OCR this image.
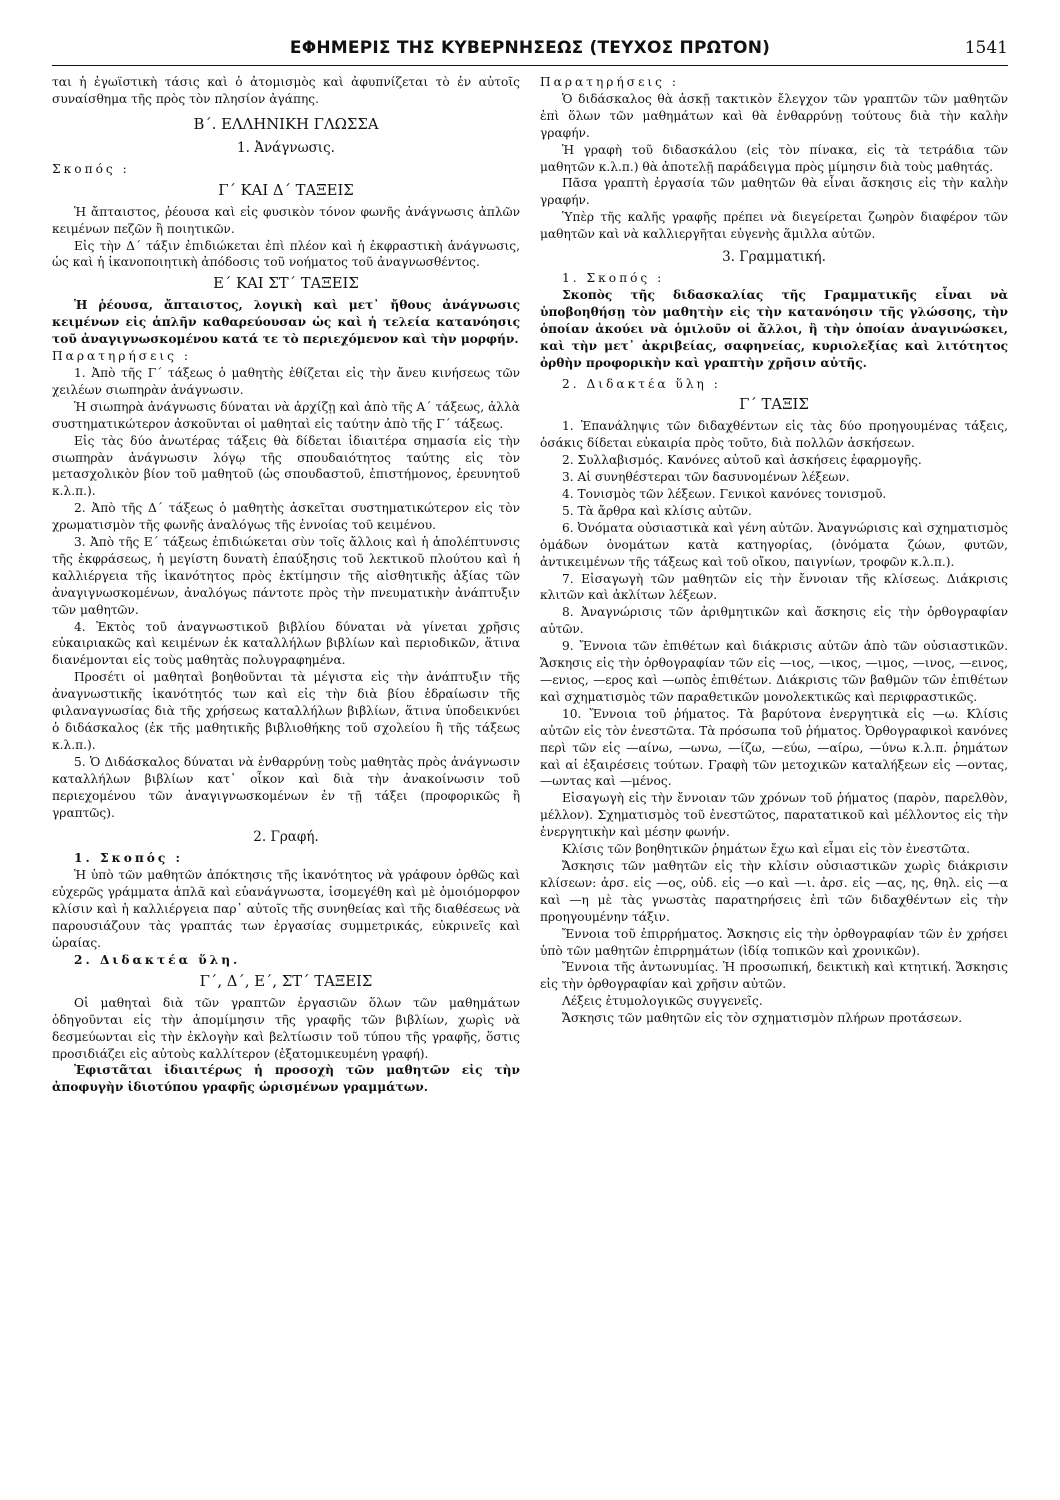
ΕΦΗΜΕΡΙΣ ΤΗΣ ΚΥΒΕΡΝΗΣΕΩΣ (ΤΕΥΧΟΣ ΠΡΩΤΟΝ)	1541

ται ἡ ἐγωϊστικὴ τάσις καὶ ὁ ἀτομισμὸς καὶ ἀφυπνίζεται τὸ ἐν αὐτοῖς συναίσθημα τῆς πρὸς τὸν πλησίον ἀγάπης.

Β΄. ΕΛΛΗΝΙΚΗ ΓΛΩΣΣΑ
1. Ἀνάγνωσις.

Σκοπός :

Γ΄ ΚΑΙ Δ΄ ΤΑΞΕΙΣ

Ἡ ἄπταιστος, ῥέουσα καὶ εἰς φυσικὸν τόνον φωνῆς ἀνάγνωσις ἁπλῶν κειμένων πεζῶν ἢ ποιητικῶν.

Εἰς τὴν Δ΄ τάξιν ἐπιδιώκεται ἐπὶ πλέον καὶ ἡ ἐκφραστικὴ ἀνάγνωσις, ὡς καὶ ἡ ἱκανοποιητικὴ ἀπόδοσις τοῦ νοήματος τοῦ ἀναγνωσθέντος.

Ε΄ ΚΑΙ ΣΤ΄ ΤΑΞΕΙΣ

Ἡ ῥέουσα, ἄπταιστος, λογικὴ καὶ μετ᾽ ἤθους ἀνάγνωσις κειμένων εἰς ἁπλῆν καθαρεύουσαν ὡς καὶ ἡ τελεία κατανόησις τοῦ ἀναγιγνωσκομένου κατά τε τὸ περιεχόμενον καὶ τὴν μορφήν.

Παρατηρήσεις :

1. Ἀπὸ τῆς Γ΄ τάξεως ὁ μαθητὴς ἐθίζεται εἰς τὴν ἄνευ κινήσεως τῶν χειλέων σιωπηρὰν ἀνάγνωσιν.

Ἡ σιωπηρὰ ἀνάγνωσις δύναται νὰ ἀρχίζῃ καὶ ἀπὸ τῆς Α΄ τάξεως, ἀλλὰ συστηματικώτερον ἀσκοῦνται οἱ μαθηταὶ εἰς ταύτην ἀπὸ τῆς Γ΄ τάξεως.

Εἰς τὰς δύο ἀνωτέρας τάξεις θὰ δίδεται ἰδιαιτέρα σημασία εἰς τὴν σιωπηρὰν ἀνάγνωσιν λόγῳ τῆς σπουδαιότητος ταύτης εἰς τὸν μετασχολικὸν βίον τοῦ μαθητοῦ (ὡς σπουδαστοῦ, ἐπιστήμονος, ἐρευνητοῦ κ.λ.π.).

2. Ἀπὸ τῆς Δ΄ τάξεως ὁ μαθητὴς ἀσκεῖται συστηματικώτερον εἰς τὸν χρωματισμὸν τῆς φωνῆς ἀναλόγως τῆς ἐννοίας τοῦ κειμένου.

3. Ἀπὸ τῆς Ε΄ τάξεως ἐπιδιώκεται σὺν τοῖς ἄλλοις καὶ ἡ ἀπολέπτυνσις τῆς ἐκφράσεως, ἡ μεγίστη δυνατὴ ἐπαύξησις τοῦ λεκτικοῦ πλούτου καὶ ἡ καλλιέργεια τῆς ἱκανότητος πρὸς ἐκτίμησιν τῆς αἰσθητικῆς ἀξίας τῶν ἀναγιγνωσκομένων, ἀναλόγως πάντοτε πρὸς τὴν πνευματικὴν ἀνάπτυξιν τῶν μαθητῶν.

4. Ἐκτὸς τοῦ ἀναγνωστικοῦ βιβλίου δύναται νὰ γίνεται χρῆσις εὐκαιριακῶς καὶ κειμένων ἐκ καταλλήλων βιβλίων καὶ περιοδικῶν, ἅτινα διανέμονται εἰς τοὺς μαθητὰς πολυγραφημένα.

Προσέτι οἱ μαθηταὶ βοηθοῦνται τὰ μέγιστα εἰς τὴν ἀνάπτυξιν τῆς ἀναγνωστικῆς ἱκανότητός των καὶ εἰς τὴν διὰ βίου ἑδραίωσιν τῆς φιλαναγνωσίας διὰ τῆς χρήσεως καταλλήλων βιβλίων, ἅτινα ὑποδεικνύει ὁ διδάσκαλος (ἐκ τῆς μαθητικῆς βιβλιοθήκης τοῦ σχολείου ἢ τῆς τάξεως κ.λ.π.).

5. Ὁ Διδάσκαλος δύναται νὰ ἐνθαρρύνῃ τοὺς μαθητὰς πρὸς ἀνάγνωσιν καταλλήλων βιβλίων κατ᾽ οἶκον καὶ διὰ τὴν ἀνακοίνωσιν τοῦ περιεχομένου τῶν ἀναγιγνωσκομένων ἐν τῇ τάξει (προφορικῶς ἢ γραπτῶς).

2. Γραφή.

1. Σκοπός :

Ἡ ὑπὸ τῶν μαθητῶν ἀπόκτησις τῆς ἱκανότητος νὰ γράφουν ὀρθῶς καὶ εὐχερῶς γράμματα ἁπλᾶ καὶ εὐανάγνωστα, ἰσομεγέθη καὶ μὲ ὁμοιόμορφον κλίσιν καὶ ἡ καλλιέργεια παρ᾽ αὐτοῖς τῆς συνηθείας καὶ τῆς διαθέσεως νὰ παρουσιάζουν τὰς γραπτάς των ἐργασίας συμμετρικάς, εὐκρινεῖς καὶ ὡραίας.

2. Διδακτέα ὕλη.

Γ΄, Δ΄, Ε΄, ΣΤ΄ ΤΑΞΕΙΣ

Οἱ μαθηταὶ διὰ τῶν γραπτῶν ἐργασιῶν ὅλων τῶν μαθημάτων ὁδηγοῦνται εἰς τὴν ἀπομίμησιν τῆς γραφῆς τῶν βιβλίων, χωρὶς νὰ δεσμεύωνται εἰς τὴν ἐκλογὴν καὶ βελτίωσιν τοῦ τύπου τῆς γραφῆς, ὅστις προσιδιάζει εἰς αὐτοὺς καλλίτερον (ἐξατομικευμένη γραφή).

Ἐφιστᾶται ἰδιαιτέρως ἡ προσοχὴ τῶν μαθητῶν εἰς τὴν ἀποφυγὴν ἰδιοτύπου γραφῆς ὡρισμένων γραμμάτων.

Παρατηρήσεις :

Ὁ διδάσκαλος θὰ ἀσκῇ τακτικὸν ἔλεγχον τῶν γραπτῶν τῶν μαθητῶν ἐπὶ ὅλων τῶν μαθημάτων καὶ θὰ ἐνθαρρύνῃ τούτους διὰ τὴν καλὴν γραφήν.

Ἡ γραφὴ τοῦ διδασκάλου (εἰς τὸν πίνακα, εἰς τὰ τετράδια τῶν μαθητῶν κ.λ.π.) θὰ ἀποτελῇ παράδειγμα πρὸς μίμησιν διὰ τοὺς μαθητάς.

Πᾶσα γραπτὴ ἐργασία τῶν μαθητῶν θὰ εἶναι ἄσκησις εἰς τὴν καλὴν γραφήν.

Ὑπὲρ τῆς καλῆς γραφῆς πρέπει νὰ διεγείρεται ζωηρὸν διαφέρον τῶν μαθητῶν καὶ νὰ καλλιεργῆται εὐγενὴς ἅμιλλα αὐτῶν.

3. Γραμματική.

1. Σκοπός :

Σκοπὸς τῆς διδασκαλίας τῆς Γραμματικῆς εἶναι νὰ ὑποβοηθήσῃ τὸν μαθητὴν εἰς τὴν κατανόησιν τῆς γλώσσης, τὴν ὁποίαν ἀκούει νὰ ὁμιλοῦν οἱ ἄλλοι, ἢ τὴν ὁποίαν ἀναγινώσκει, καὶ τὴν μετ᾽ ἀκριβείας, σαφηνείας, κυριολεξίας καὶ λιτότητος ὀρθὴν προφορικὴν καὶ γραπτὴν χρῆσιν αὐτῆς.

2. Διδακτέα ὕλη :

Γ΄ ΤΑΞΙΣ

1. Ἐπανάληψις τῶν διδαχθέντων εἰς τὰς δύο προηγουμένας τάξεις, ὁσάκις δίδεται εὐκαιρία πρὸς τοῦτο, διὰ πολλῶν ἀσκήσεων.

2. Συλλαβισμός. Κανόνες αὐτοῦ καὶ ἀσκήσεις ἐφαρμογῆς.

3. Αἱ συνηθέστεραι τῶν δασυνομένων λέξεων.

4. Τονισμὸς τῶν λέξεων. Γενικοὶ κανόνες τονισμοῦ.

5. Τὰ ἄρθρα καὶ κλίσις αὐτῶν.

6. Ὀνόματα οὐσιαστικὰ καὶ γένη αὐτῶν. Ἀναγνώρισις καὶ σχηματισμὸς ὁμάδων ὀνομάτων κατὰ κατηγορίας, (ὀνόματα ζώων, φυτῶν, ἀντικειμένων τῆς τάξεως καὶ τοῦ οἴκου, παιγνίων, τροφῶν κ.λ.π.).

7. Εἰσαγωγὴ τῶν μαθητῶν εἰς τὴν ἔννοιαν τῆς κλίσεως. Διάκρισις κλιτῶν καὶ ἀκλίτων λέξεων.

8. Ἀναγνώρισις τῶν ἀριθμητικῶν καὶ ἄσκησις εἰς τὴν ὀρθογραφίαν αὐτῶν.

9. Ἔννοια τῶν ἐπιθέτων καὶ διάκρισις αὐτῶν ἀπὸ τῶν οὐσιαστικῶν. Ἄσκησις εἰς τὴν ὀρθογραφίαν τῶν εἰς —ιος, —ικος, —ιμος, —ινος, —εινος, —ενιος, —ερος καὶ —ωπὸς ἐπιθέτων. Διάκρισις τῶν βαθμῶν τῶν ἐπιθέτων καὶ σχηματισμὸς τῶν παραθετικῶν μονολεκτικῶς καὶ περιφραστικῶς.

10. Ἔννοια τοῦ ῥήματος. Τὰ βαρύτονα ἐνεργητικὰ εἰς —ω. Κλίσις αὐτῶν εἰς τὸν ἐνεστῶτα. Τὰ πρόσωπα τοῦ ῥήματος. Ὀρθογραφικοὶ κανόνες περὶ τῶν εἰς —αίνω, —ωνω, —ίζω, —εύω, —αίρω, —ύνω κ.λ.π. ῥημάτων καὶ αἱ ἐξαιρέσεις τούτων. Γραφὴ τῶν μετοχικῶν καταλήξεων εἰς —οντας, —ωντας καὶ —μένος.

Εἰσαγωγὴ εἰς τὴν ἔννοιαν τῶν χρόνων τοῦ ῥήματος (παρὸν, παρελθὸν, μέλλον). Σχηματισμὸς τοῦ ἐνεστῶτος, παρατατικοῦ καὶ μέλλοντος εἰς τὴν ἐνεργητικὴν καὶ μέσην φωνήν.

Κλίσις τῶν βοηθητικῶν ῥημάτων ἔχω καὶ εἶμαι εἰς τὸν ἐνεστῶτα.

Ἄσκησις τῶν μαθητῶν εἰς τὴν κλίσιν οὐσιαστικῶν χωρὶς διάκρισιν κλίσεων: ἀρσ. εἰς —ος, οὐδ. εἰς —ο καὶ —ι. ἀρσ. εἰς —ας, ης, θηλ. εἰς —α καὶ —η μὲ τὰς γνωστὰς παρατηρήσεις ἐπὶ τῶν διδαχθέντων εἰς τὴν προηγουμένην τάξιν.

Ἔννοια τοῦ ἐπιρρήματος. Ἄσκησις εἰς τὴν ὀρθογραφίαν τῶν ἐν χρήσει ὑπὸ τῶν μαθητῶν ἐπιρρημάτων (ἰδίᾳ τοπικῶν καὶ χρονικῶν).

Ἔννοια τῆς ἀντωνυμίας. Ἡ προσωπική, δεικτικὴ καὶ κτητική. Ἄσκησις εἰς τὴν ὀρθογραφίαν καὶ χρῆσιν αὐτῶν.

Λέξεις ἐτυμολογικῶς συγγενεῖς.

Ἄσκησις τῶν μαθητῶν εἰς τὸν σχηματισμὸν πλήρων προτάσεων.
